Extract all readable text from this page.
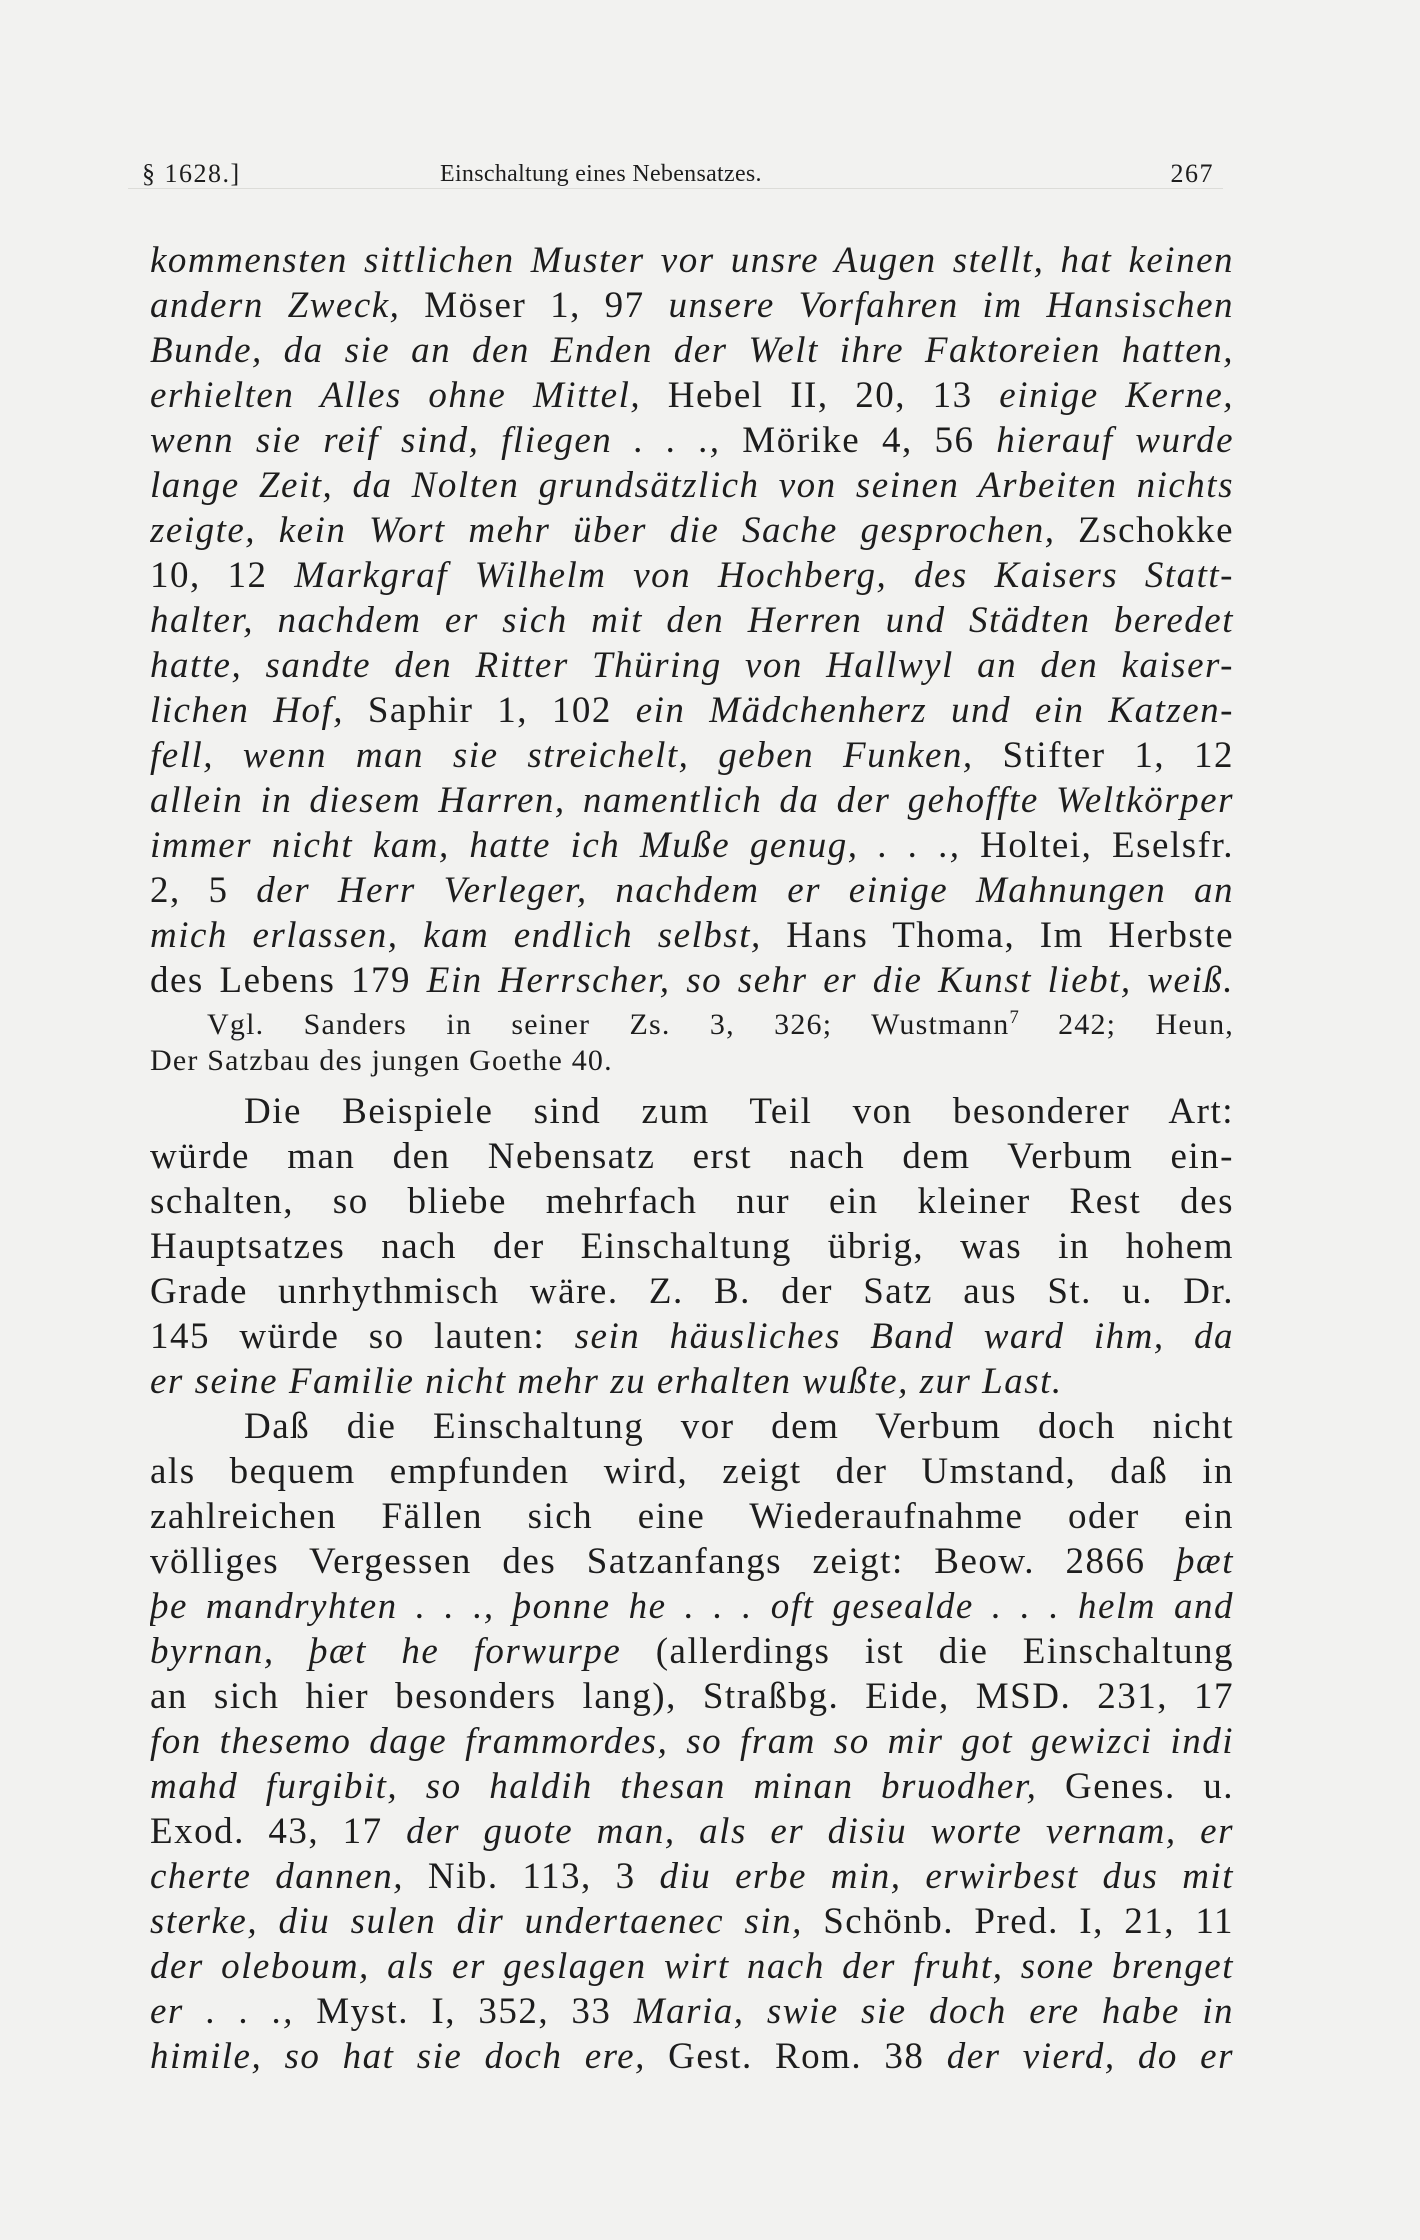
§ 1628.]	Einschaltung eines Nebensatzes.	267
kommensten sittlichen Muster vor unsre Augen stellt, hat keinen
andern Zweck, Möser 1, 97 unsere Vorfahren im Hansischen
Bunde, da sie an den Enden der Welt ihre Faktoreien hatten,
erhielten Alles ohne Mittel, Hebel II, 20, 13 einige Kerne,
wenn sie reif sind, fliegen . . ., Mörike 4, 56 hierauf wurde
lange Zeit, da Nolten grundsätzlich von seinen Arbeiten nichts
zeigte, kein Wort mehr über die Sache gesprochen, Zschokke
10, 12 Markgraf Wilhelm von Hochberg, des Kaisers Statt-
halter, nachdem er sich mit den Herren und Städten beredet
hatte, sandte den Ritter Thüring von Hallwyl an den kaiser-
lichen Hof, Saphir 1, 102 ein Mädchenherz und ein Katzen-
fell, wenn man sie streichelt, geben Funken, Stifter 1, 12
allein in diesem Harren, namentlich da der gehoffte Weltkörper
immer nicht kam, hatte ich Muße genug, . . ., Holtei, Eselsfr.
2, 5 der Herr Verleger, nachdem er einige Mahnungen an
mich erlassen, kam endlich selbst, Hans Thoma, Im Herbste
des Lebens 179 Ein Herrscher, so sehr er die Kunst liebt, weiß.
Vgl. Sanders in seiner Zs. 3, 326; Wustmann$^7$ 242; Heun,
Der Satzbau des jungen Goethe 40.
Die Beispiele sind zum Teil von besonderer Art:
würde man den Nebensatz erst nach dem Verbum ein-
schalten, so bliebe mehrfach nur ein kleiner Rest des
Hauptsatzes nach der Einschaltung übrig, was in hohem
Grade unrhythmisch wäre. Z. B. der Satz aus St. u. Dr.
145 würde so lauten: sein häusliches Band ward ihm, da
er seine Familie nicht mehr zu erhalten wußte, zur Last.
Daß die Einschaltung vor dem Verbum doch nicht
als bequem empfunden wird, zeigt der Umstand, daß in
zahlreichen Fällen sich eine Wiederaufnahme oder ein
völliges Vergessen des Satzanfangs zeigt: Beow. 2866 þæt
þe mandryhten . . ., þonne he . . . oft gesealde . . . helm and
byrnan, þæt he forwurpe (allerdings ist die Einschaltung
an sich hier besonders lang), Straßbg. Eide, MSD. 231, 17
fon thesemo dage frammordes, so fram so mir got gewizci indi
mahd furgibit, so haldih thesan minan bruodher, Genes. u.
Exod. 43, 17 der guote man, als er disiu worte vernam, er
cherte dannen, Nib. 113, 3 diu erbe min, erwirbest dus mit
sterke, diu sulen dir undertaenec sin, Schönb. Pred. I, 21, 11
der oleboum, als er geslagen wirt nach der fruht, sone brenget
er . . ., Myst. I, 352, 33 Maria, swie sie doch ere habe in
himile, so hat sie doch ere, Gest. Rom. 38 der vierd, do er
